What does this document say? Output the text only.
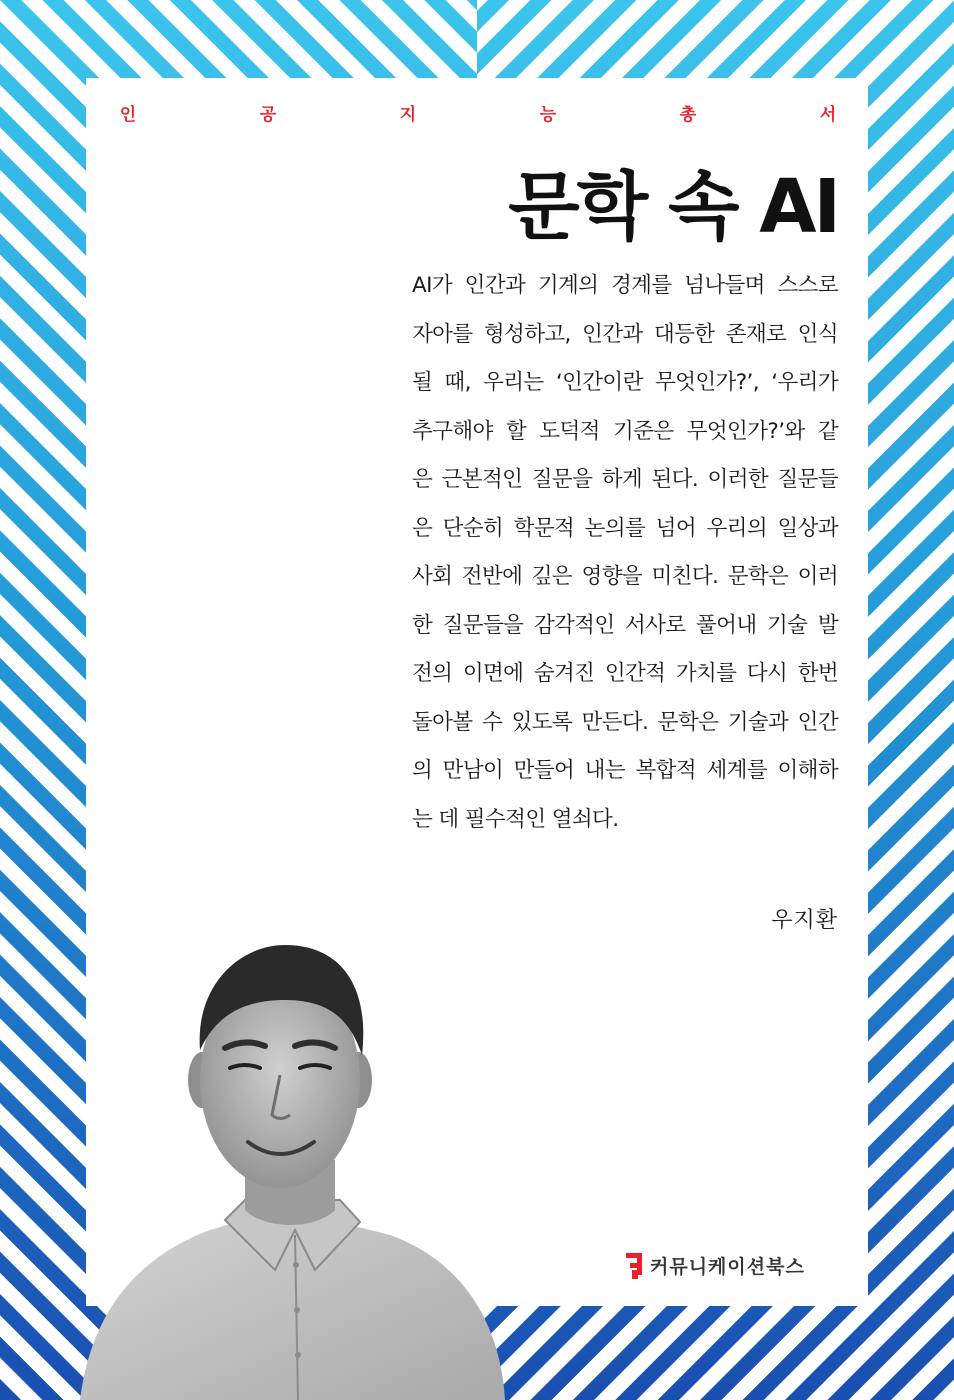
인	공	지	능	총	서
문학 속 AI
AI가 인간과 기계의 경계를 넘나들며 스스로
자아를 형성하고, 인간과 대등한 존재로 인식
될 때, 우리는 ‘인간이란 무엇인가?’, ‘우리가
추구해야 할 도덕적 기준은 무엇인가?’와 같
은 근본적인 질문을 하게 된다. 이러한 질문들
은 단순히 학문적 논의를 넘어 우리의 일상과
사회 전반에 깊은 영향을 미친다. 문학은 이러
한 질문들을 감각적인 서사로 풀어내 기술 발
전의 이면에 숨겨진 인간적 가치를 다시 한번
돌아볼 수 있도록 만든다. 문학은 기술과 인간
의 만남이 만들어 내는 복합적 세계를 이해하
는 데 필수적인 열쇠다.
우지환
커뮤니케이션북스
